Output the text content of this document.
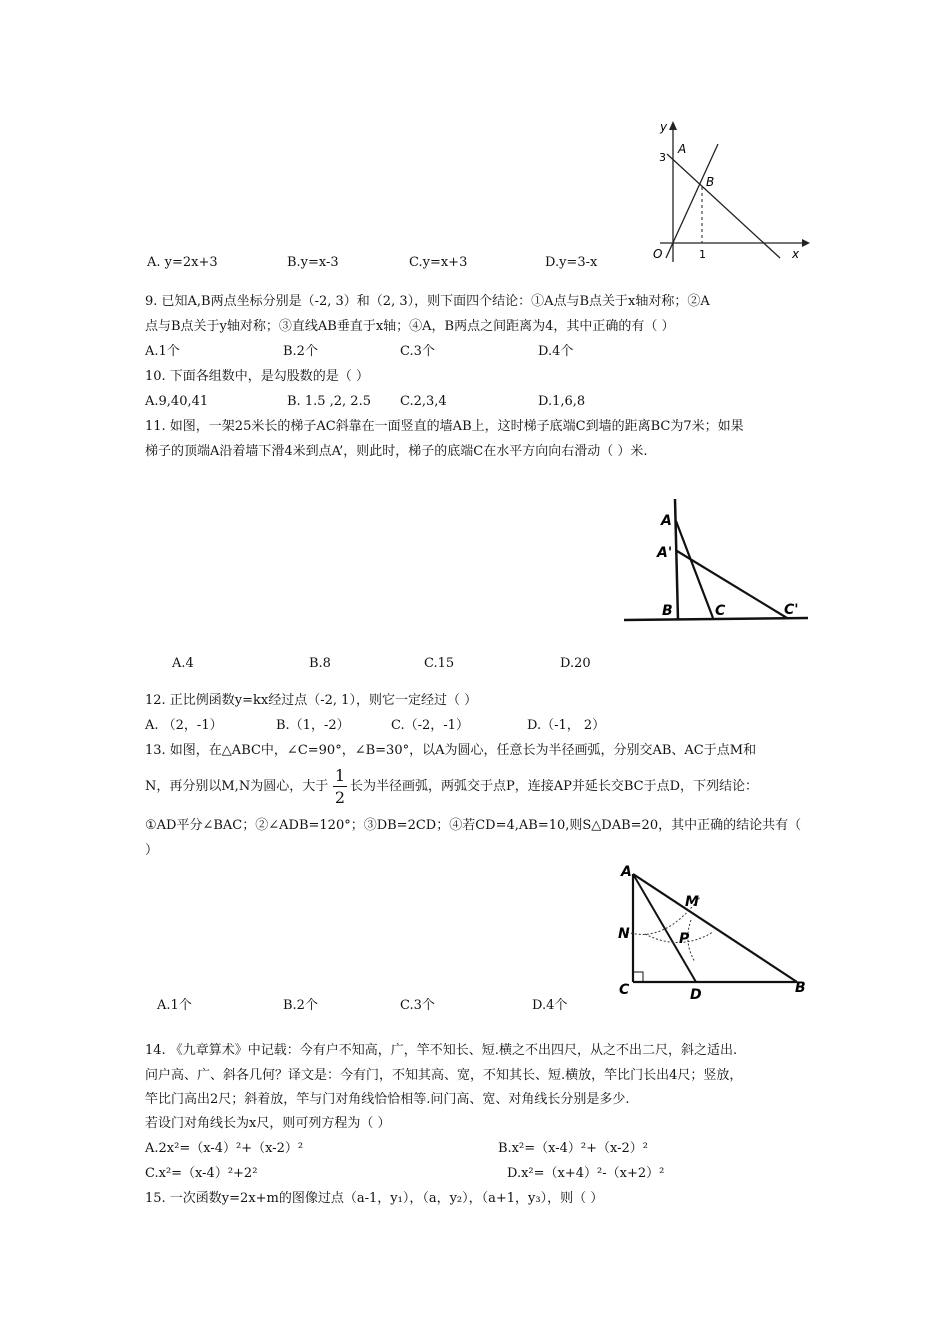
y
x
O
A
B
3
1
A. y=2x+3	B.y=x-3	C.y=x+3	D.y=3-x
9. 已知A,B两点坐标分别是（-2, 3）和（2, 3），则下面四个结论：①A点与B点关于x轴对称；②A
点与B点关于y轴对称；③直线AB垂直于x轴；④A，B两点之间距离为4，其中正确的有（ ）
A.1个	B.2个	C.3个	D.4个
10. 下面各组数中，是勾股数的是（ ）
A.9,40,41	B. 1.5 ,2, 2.5 C.2,3,4	D.1,6,8
11. 如图，一架25米长的梯子AC斜靠在一面竖直的墙AB上，这时梯子底端C到墙的距离BC为7米；如果
梯子的顶端A沿着墙下滑4米到点A’，则此时，梯子的底端C在水平方向向右滑动（ ）米.
A
A'
B	C	C'
A.4	B.8	C.15	D.20
12. 正比例函数y=kx经过点（-2, 1），则它一定经过（ ）
A. （2，-1）	B.（1，-2）	C.（-2，-1）	D.（-1， 2）
13. 如图，在△ABC中，∠C=90°，∠B=30°，以A为圆心，任意长为半径画弧，分别交AB、AC于点M和
N，再分别以M,N为圆心，大于
1
2
长为半径画弧，两弧交于点P，连接AP并延长交BC于点D，下列结论：
①AD平分∠BAC；②∠ADB=120°；③DB=2CD；④若CD=4,AB=10,则S△DAB=20，其中正确的结论共有（
）
A
M
N	P
C	D	B
A.1个	B.2个	C.3个	D.4个
14. 《九章算术》中记载：今有户不知高，广，竿不知长、短.横之不出四尺，从之不出二尺，斜之适出.
问户高、广、斜各几何？译文是：今有门，不知其高、宽，不知其长、短.横放，竿比门长出4尺；竖放，
竿比门高出2尺；斜着放，竿与门对角线恰恰相等.问门高、宽、对角线长分别是多少.
若设门对角线长为x尺，则可列方程为（ ）
A.2x²=（x-4）²+（x-2）²	B.x²=（x-4）²+（x-2）²
C.x²=（x-4）²+2²	D.x²=（x+4）²-（x+2）²
15. 一次函数y=2x+m的图像过点（a-1，y₁），（a，y₂），（a+1，y₃），则（ ）
